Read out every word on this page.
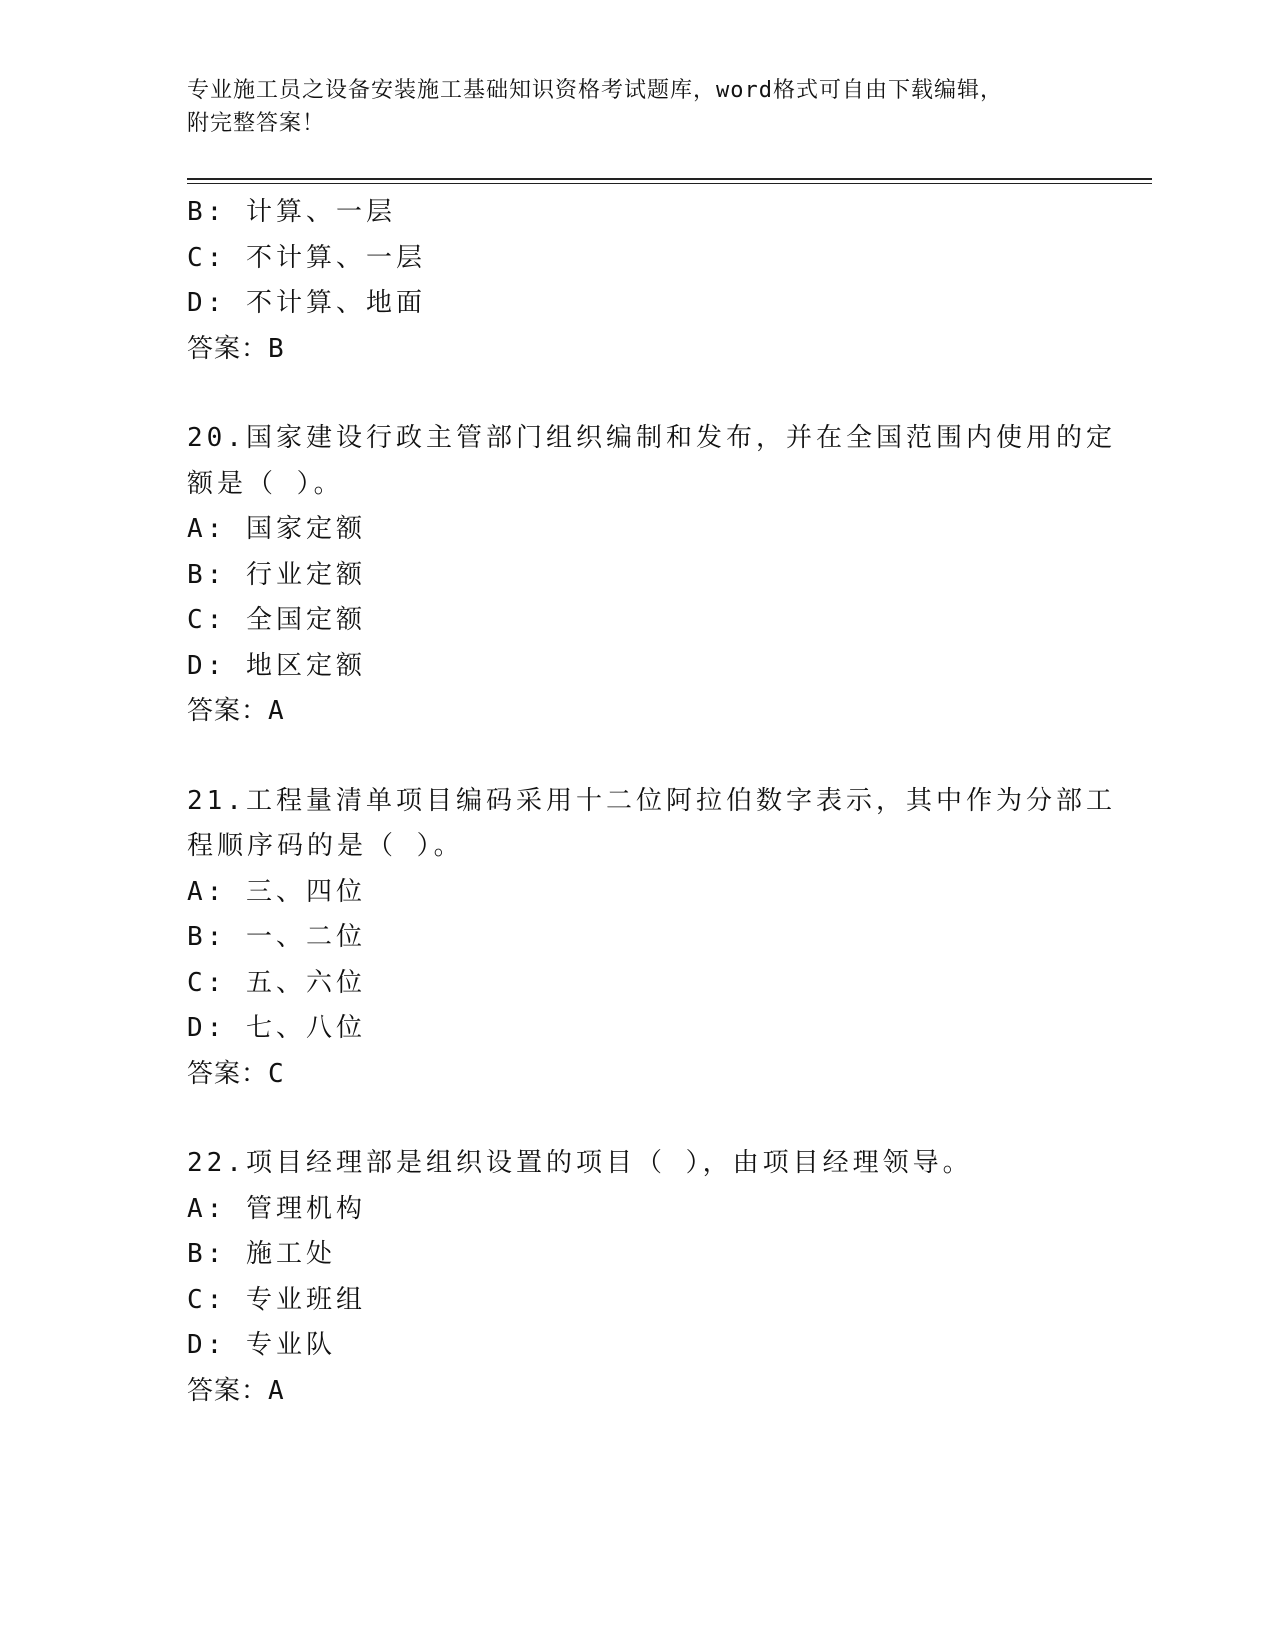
专业施工员之设备安装施工基础知识资格考试题库，word格式可自由下载编辑，
附完整答案！
B: 计算、一层
C: 不计算、一层
D: 不计算、地面
答案：B
20.国家建设行政主管部门组织编制和发布，并在全国范围内使用的定
额是（ ）。
A: 国家定额
B: 行业定额
C: 全国定额
D: 地区定额
答案：A
21.工程量清单项目编码采用十二位阿拉伯数字表示，其中作为分部工
程顺序码的是（ ）。
A: 三、四位
B: 一、二位
C: 五、六位
D: 七、八位
答案：C
22.项目经理部是组织设置的项目（ ），由项目经理领导。
A: 管理机构
B: 施工处
C: 专业班组
D: 专业队
答案：A
